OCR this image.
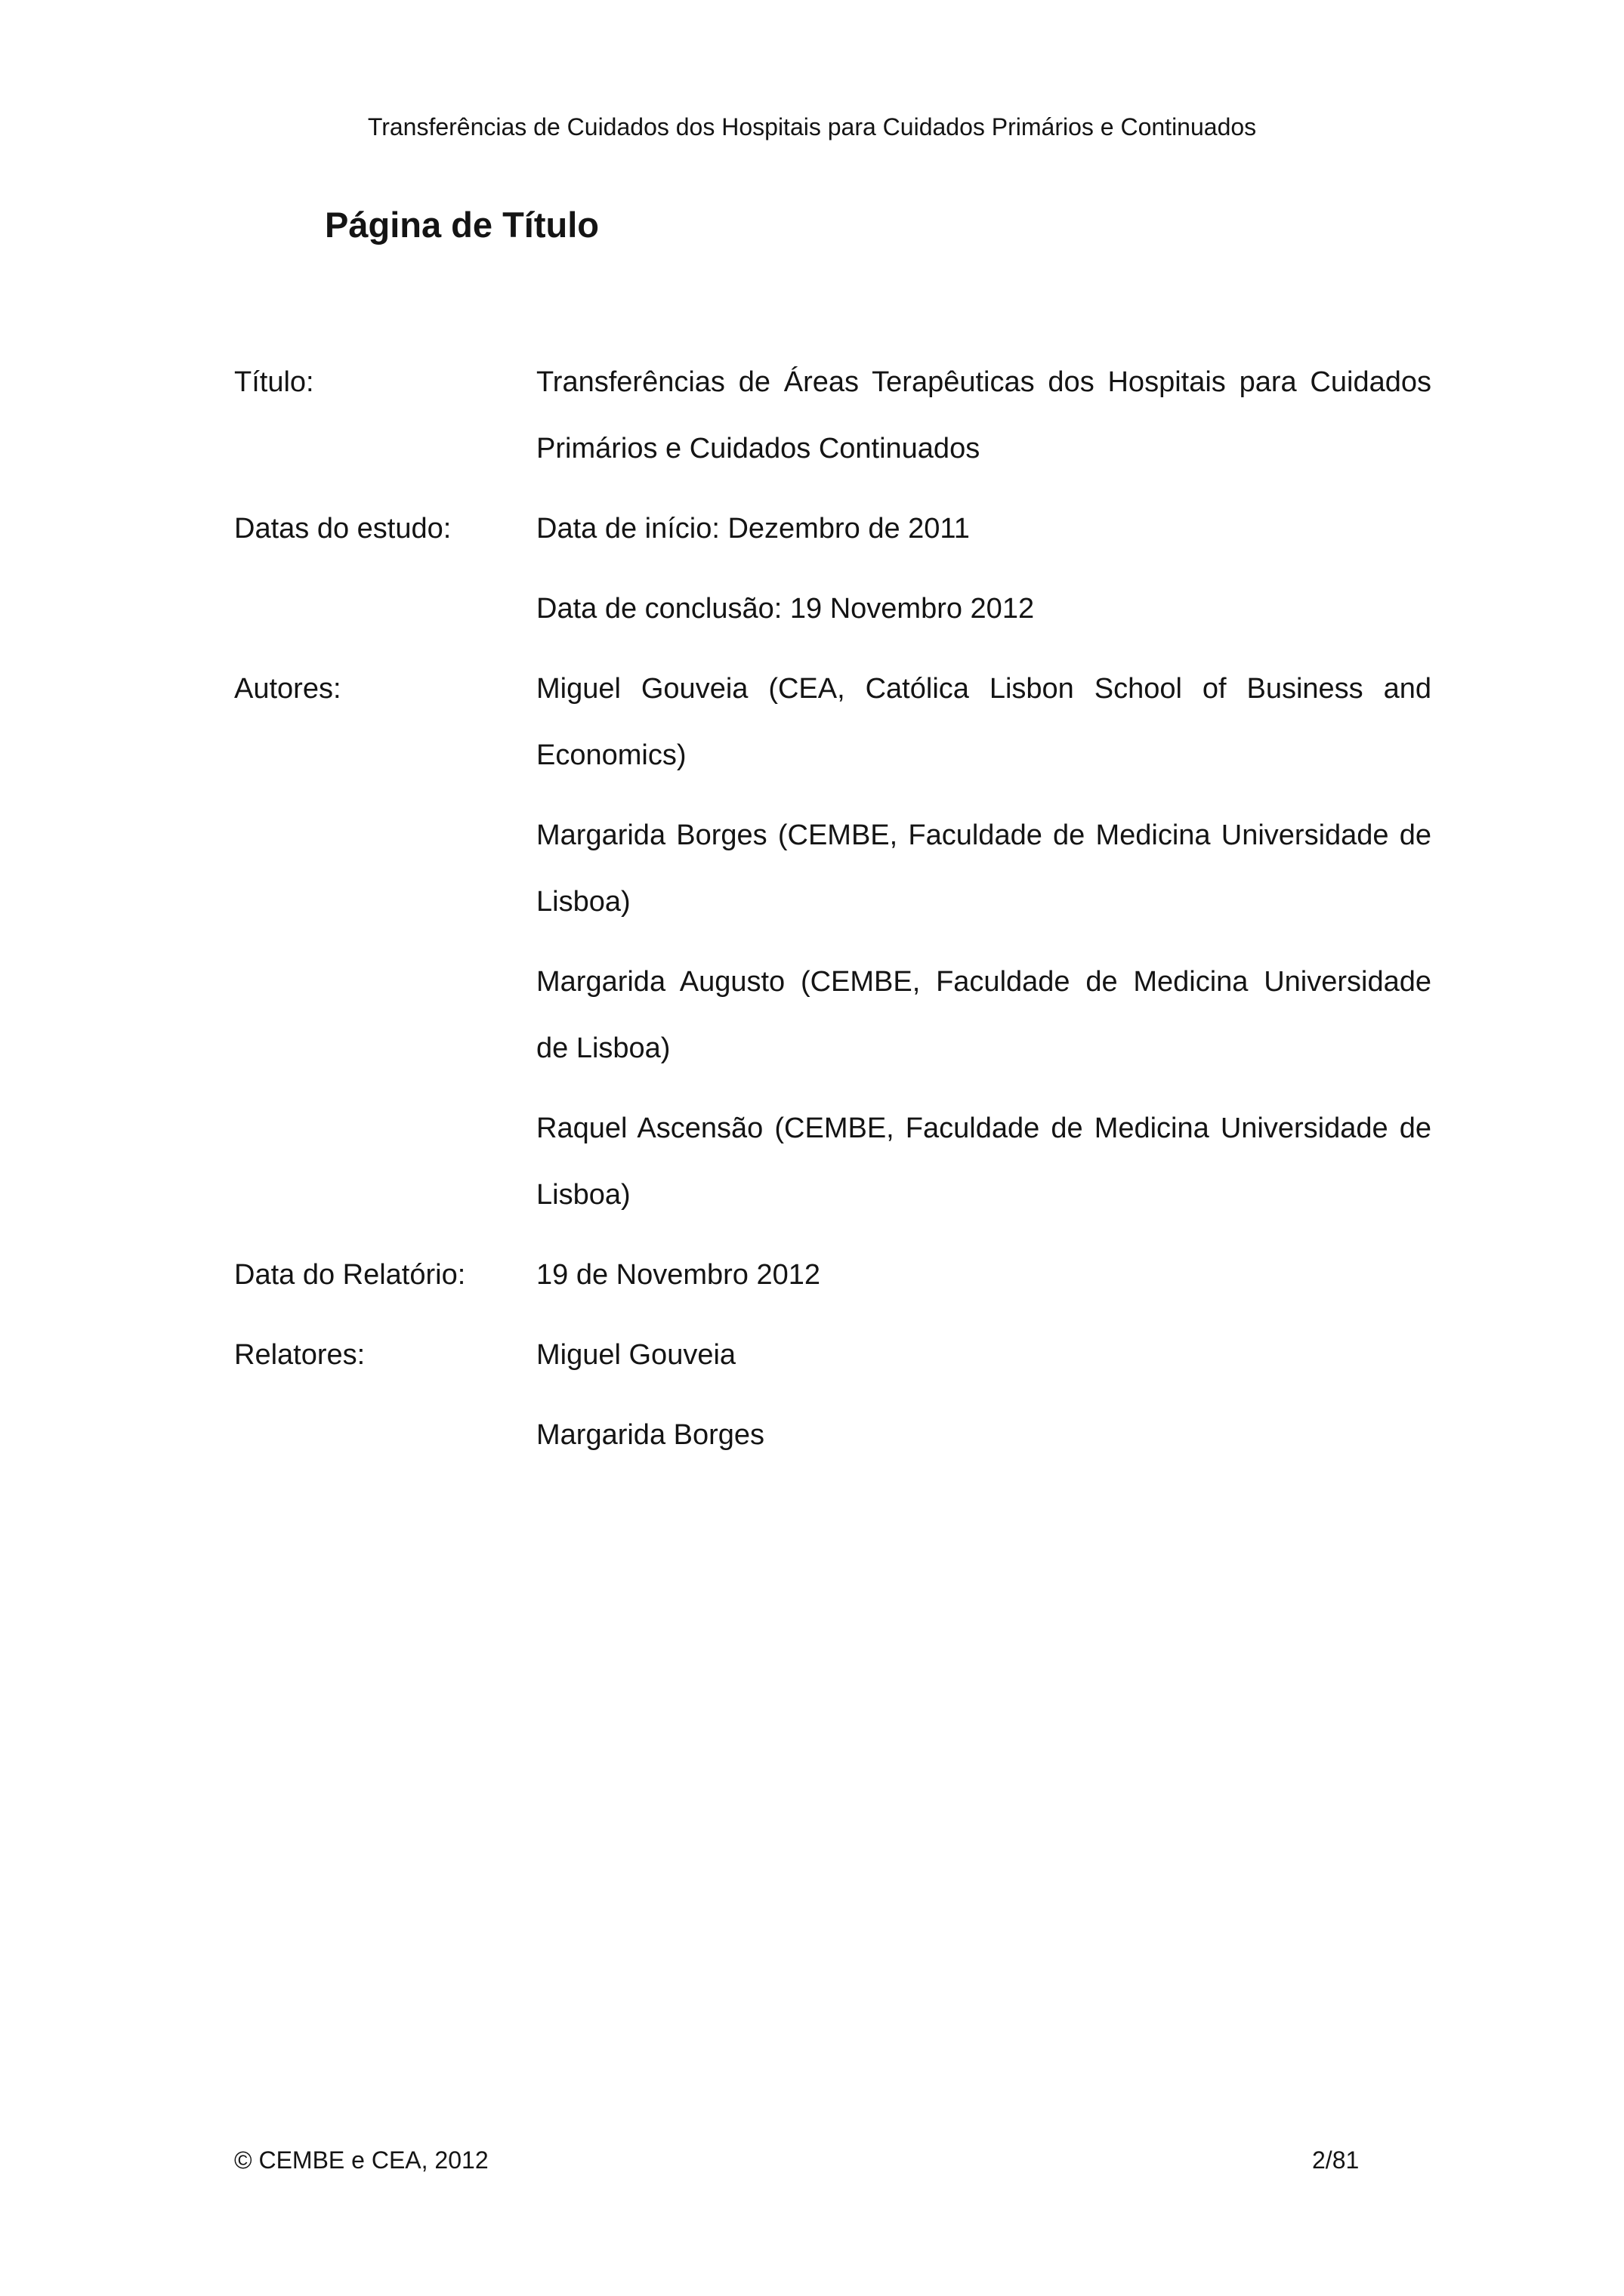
Transferências de Cuidados dos Hospitais para Cuidados Primários e Continuados
Página de Título
Título:	Transferências de Áreas Terapêuticas dos Hospitais para Cuidados
Primários e Cuidados Continuados
Datas do estudo:	Data de início: Dezembro de 2011
Data de conclusão: 19 Novembro 2012
Autores:	Miguel Gouveia (CEA, Católica Lisbon School of Business and
Economics)
Margarida Borges (CEMBE, Faculdade de Medicina Universidade de
Lisboa)
Margarida Augusto (CEMBE, Faculdade de Medicina Universidade
de Lisboa)
Raquel Ascensão (CEMBE, Faculdade de Medicina Universidade de
Lisboa)
Data do Relatório:	19 de Novembro 2012
Relatores:	Miguel Gouveia
Margarida Borges
© CEMBE e CEA, 2012	2/81
